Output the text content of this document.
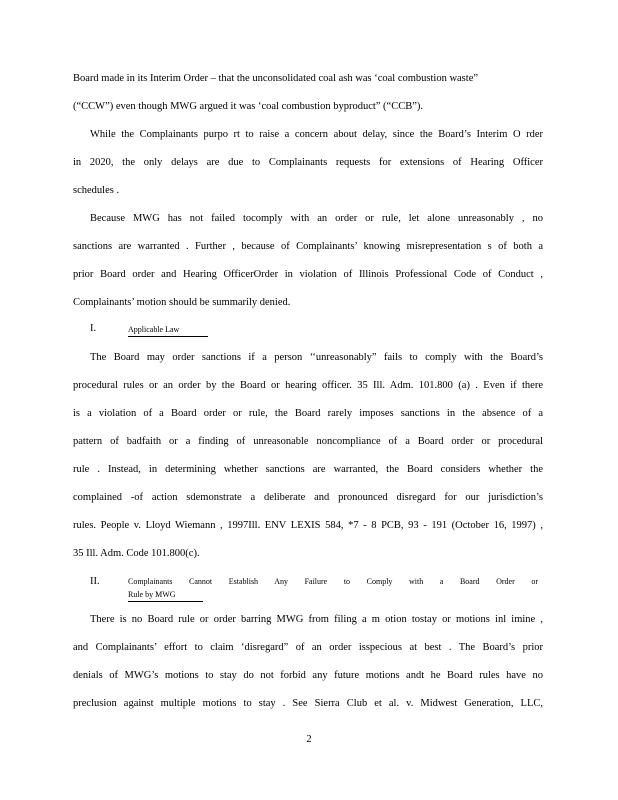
Board made in its Interim Order – that the unconsolidated coal ash was ‘coal combustion waste”
(“CCW”) even though MWG argued it was ‘coal combustion byproduct” (“CCB”).
While the Complainants purpo rt to raise a concern about delay, since the Board’s Interim O rder
in 2020, the only delays are due to Complainants requests for extensions of Hearing Officer
schedules .
Because MWG has not failed tocomply with an order or rule, let alone unreasonably , no
sanctions are warranted . Further , because of Complainants’ knowing misrepresentation s of both a
prior Board order and Hearing OfficerOrder in violation of Illinois Professional Code of Conduct ,
Complainants’ motion should be summarily denied.
I.	Applicable Law
The Board may order sanctions if a person ‘‘unreasonably” fails to comply with the Board’s
procedural rules or an order by the Board or hearing officer. 35 Ill. Adm. 101.800 (a) . Even if there
is a violation of a Board order or rule, the Board rarely imposes sanctions in the absence of a
pattern of badfaith or a finding of unreasonable noncompliance of a Board order or procedural
rule . Instead, in determining whether sanctions are warranted, the Board considers whether the
complained -of action sdemonstrate a deliberate and pronounced disregard for our jurisdiction’s
rules. People v. Lloyd Wiemann , 1997Ill. ENV LEXIS 584, *7 - 8 PCB, 93 - 191 (October 16, 1997) ,
35 Ill. Adm. Code 101.800(c).
II.	Complainants Cannot Establish Any Failure to Comply with a Board Order or
Rule by MWG
There is no Board rule or order barring MWG from filing a m otion tostay or motions inl imine ,
and Complainants’ effort to claim ‘disregard” of an order isspecious at best . The Board’s prior
denials of MWG’s motions to stay do not forbid any future motions andt he Board rules have no
preclusion against multiple motions to stay . See Sierra Club et al. v. Midwest Generation, LLC,
2
